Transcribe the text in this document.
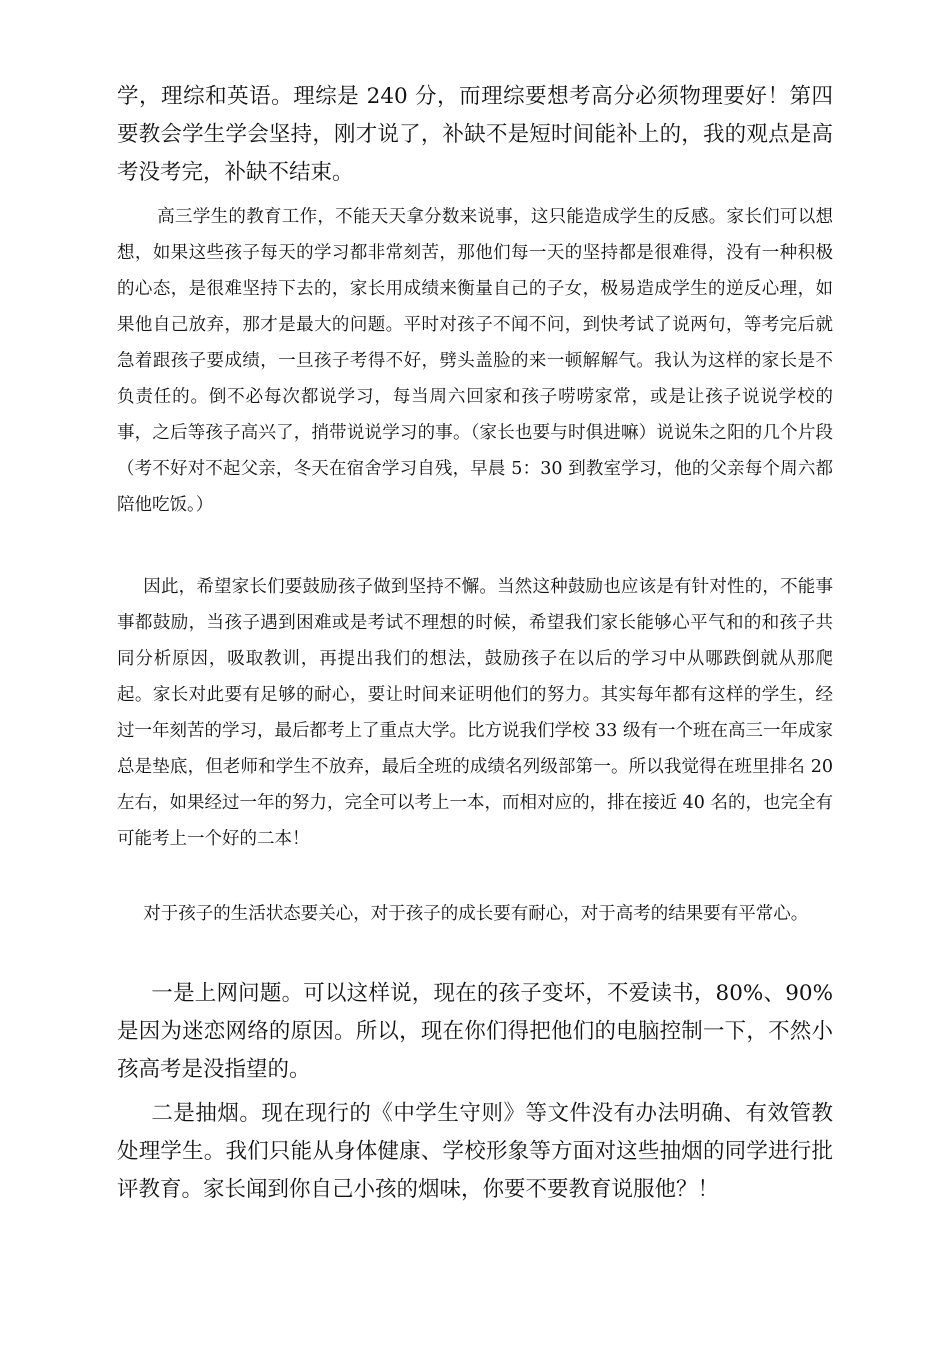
学，理综和英语。理综是 240 分，而理综要想考高分必须物理要好！第四要教会学生学会坚持，刚才说了，补缺不是短时间能补上的，我的观点是高考没考完，补缺不结束。

高三学生的教育工作，不能天天拿分数来说事，这只能造成学生的反感。家长们可以想想，如果这些孩子每天的学习都非常刻苦，那他们每一天的坚持都是很难得，没有一种积极的心态，是很难坚持下去的，家长用成绩来衡量自己的子女，极易造成学生的逆反心理，如果他自己放弃，那才是最大的问题。平时对孩子不闻不问，到快考试了说两句，等考完后就急着跟孩子要成绩，一旦孩子考得不好，劈头盖脸的来一顿解解气。我认为这样的家长是不负责任的。倒不必每次都说学习，每当周六回家和孩子唠唠家常，或是让孩子说说学校的事，之后等孩子高兴了，捎带说说学习的事。（家长也要与时俱进嘛）说说朱之阳的几个片段（考不好对不起父亲，冬天在宿舍学习自残，早晨 5：30 到教室学习，他的父亲每个周六都陪他吃饭。）

因此，希望家长们要鼓励孩子做到坚持不懈。当然这种鼓励也应该是有针对性的，不能事事都鼓励，当孩子遇到困难或是考试不理想的时候，希望我们家长能够心平气和的和孩子共同分析原因，吸取教训，再提出我们的想法，鼓励孩子在以后的学习中从哪跌倒就从那爬起。家长对此要有足够的耐心，要让时间来证明他们的努力。其实每年都有这样的学生，经过一年刻苦的学习，最后都考上了重点大学。比方说我们学校 33 级有一个班在高三一年成家总是垫底，但老师和学生不放弃，最后全班的成绩名列级部第一。所以我觉得在班里排名 20 左右，如果经过一年的努力，完全可以考上一本，而相对应的，排在接近 40 名的，也完全有可能考上一个好的二本！

对于孩子的生活状态要关心，对于孩子的成长要有耐心，对于高考的结果要有平常心。

一是上网问题。可以这样说，现在的孩子变坏，不爱读书，80%、90%是因为迷恋网络的原因。所以，现在你们得把他们的电脑控制一下，不然小孩高考是没指望的。

二是抽烟。现在现行的《中学生守则》等文件没有办法明确、有效管教处理学生。我们只能从身体健康、学校形象等方面对这些抽烟的同学进行批评教育。家长闻到你自己小孩的烟味，你要不要教育说服他？！
